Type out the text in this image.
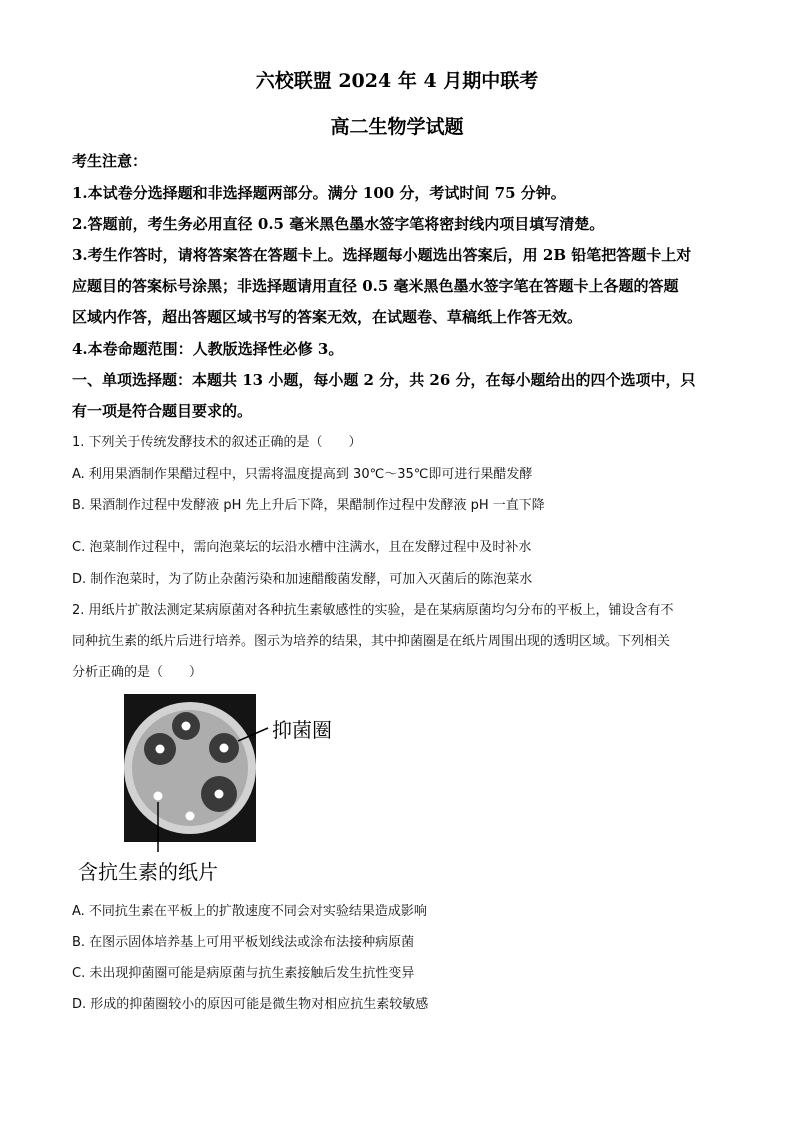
六校联盟 2024 年 4 月期中联考
高二生物学试题
考生注意：
1.本试卷分选择题和非选择题两部分。满分 100 分，考试时间 75 分钟。
2.答题前，考生务必用直径 0.5 毫米黑色墨水签字笔将密封线内项目填写清楚。
3.考生作答时，请将答案答在答题卡上。选择题每小题选出答案后，用 2B 铅笔把答题卡上对
应题目的答案标号涂黑；非选择题请用直径 0.5 毫米黑色墨水签字笔在答题卡上各题的答题
区域内作答，超出答题区域书写的答案无效，在试题卷、草稿纸上作答无效。
4.本卷命题范围：人教版选择性必修 3。
一、单项选择题：本题共 13 小题，每小题 2 分，共 26 分，在每小题给出的四个选项中，只
有一项是符合题目要求的。
1. 下列关于传统发酵技术的叙述正确的是（　　）
A. 利用果酒制作果醋过程中，只需将温度提高到 30℃～35℃即可进行果醋发酵
B. 果酒制作过程中发酵液 pH 先上升后下降，果醋制作过程中发酵液 pH 一直下降
C. 泡菜制作过程中，需向泡菜坛的坛沿水槽中注满水，且在发酵过程中及时补水
D. 制作泡菜时，为了防止杂菌污染和加速醋酸菌发酵，可加入灭菌后的陈泡菜水
2. 用纸片扩散法测定某病原菌对各种抗生素敏感性的实验，是在某病原菌均匀分布的平板上，铺设含有不
同种抗生素的纸片后进行培养。图示为培养的结果，其中抑菌圈是在纸片周围出现的透明区域。下列相关
分析正确的是（　　）
抑菌圈
含抗生素的纸片
A. 不同抗生素在平板上的扩散速度不同会对实验结果造成影响
B. 在图示固体培养基上可用平板划线法或涂布法接种病原菌
C. 未出现抑菌圈可能是病原菌与抗生素接触后发生抗性变异
D. 形成的抑菌圈较小的原因可能是微生物对相应抗生素较敏感
